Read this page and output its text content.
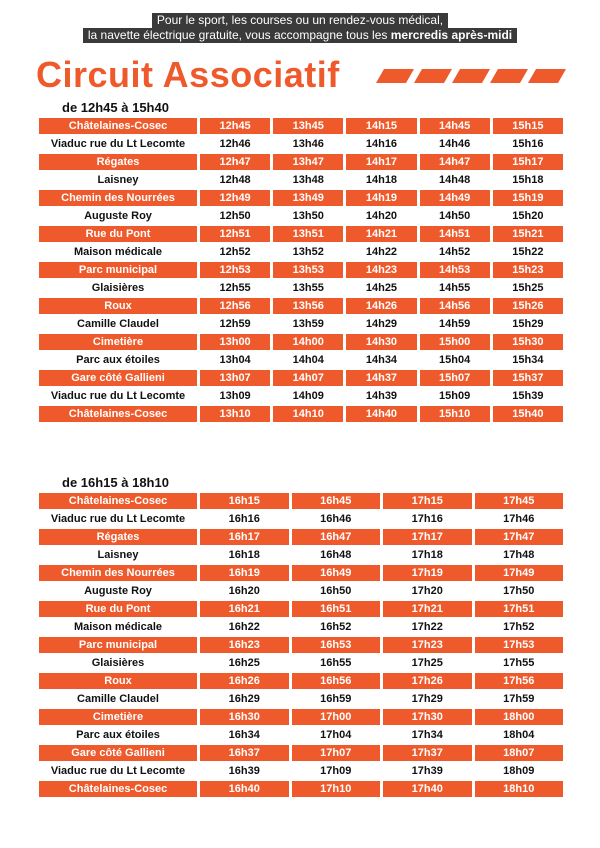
Pour le sport, les courses ou un rendez-vous médical,
la navette électrique gratuite, vous accompagne tous les mercredis après-midi
Circuit Associatif
de 12h45 à 15h40
Châtelaines-Cosec	12h45	13h45	14h15	14h45	15h15
Viaduc rue du Lt Lecomte	12h46	13h46	14h16	14h46	15h16
Régates	12h47	13h47	14h17	14h47	15h17
Laisney	12h48	13h48	14h18	14h48	15h18
Chemin des Nourrées	12h49	13h49	14h19	14h49	15h19
Auguste Roy	12h50	13h50	14h20	14h50	15h20
Rue du Pont	12h51	13h51	14h21	14h51	15h21
Maison médicale	12h52	13h52	14h22	14h52	15h22
Parc municipal	12h53	13h53	14h23	14h53	15h23
Glaisières	12h55	13h55	14h25	14h55	15h25
Roux	12h56	13h56	14h26	14h56	15h26
Camille Claudel	12h59	13h59	14h29	14h59	15h29
Cimetière	13h00	14h00	14h30	15h00	15h30
Parc aux étoiles	13h04	14h04	14h34	15h04	15h34
Gare côté Gallieni	13h07	14h07	14h37	15h07	15h37
Viaduc rue du Lt Lecomte	13h09	14h09	14h39	15h09	15h39
Châtelaines-Cosec	13h10	14h10	14h40	15h10	15h40
de 16h15 à 18h10
Châtelaines-Cosec	16h15	16h45	17h15	17h45
Viaduc rue du Lt Lecomte	16h16	16h46	17h16	17h46
Régates	16h17	16h47	17h17	17h47
Laisney	16h18	16h48	17h18	17h48
Chemin des Nourrées	16h19	16h49	17h19	17h49
Auguste Roy	16h20	16h50	17h20	17h50
Rue du Pont	16h21	16h51	17h21	17h51
Maison médicale	16h22	16h52	17h22	17h52
Parc municipal	16h23	16h53	17h23	17h53
Glaisières	16h25	16h55	17h25	17h55
Roux	16h26	16h56	17h26	17h56
Camille Claudel	16h29	16h59	17h29	17h59
Cimetière	16h30	17h00	17h30	18h00
Parc aux étoiles	16h34	17h04	17h34	18h04
Gare côté Gallieni	16h37	17h07	17h37	18h07
Viaduc rue du Lt Lecomte	16h39	17h09	17h39	18h09
Châtelaines-Cosec	16h40	17h10	17h40	18h10
